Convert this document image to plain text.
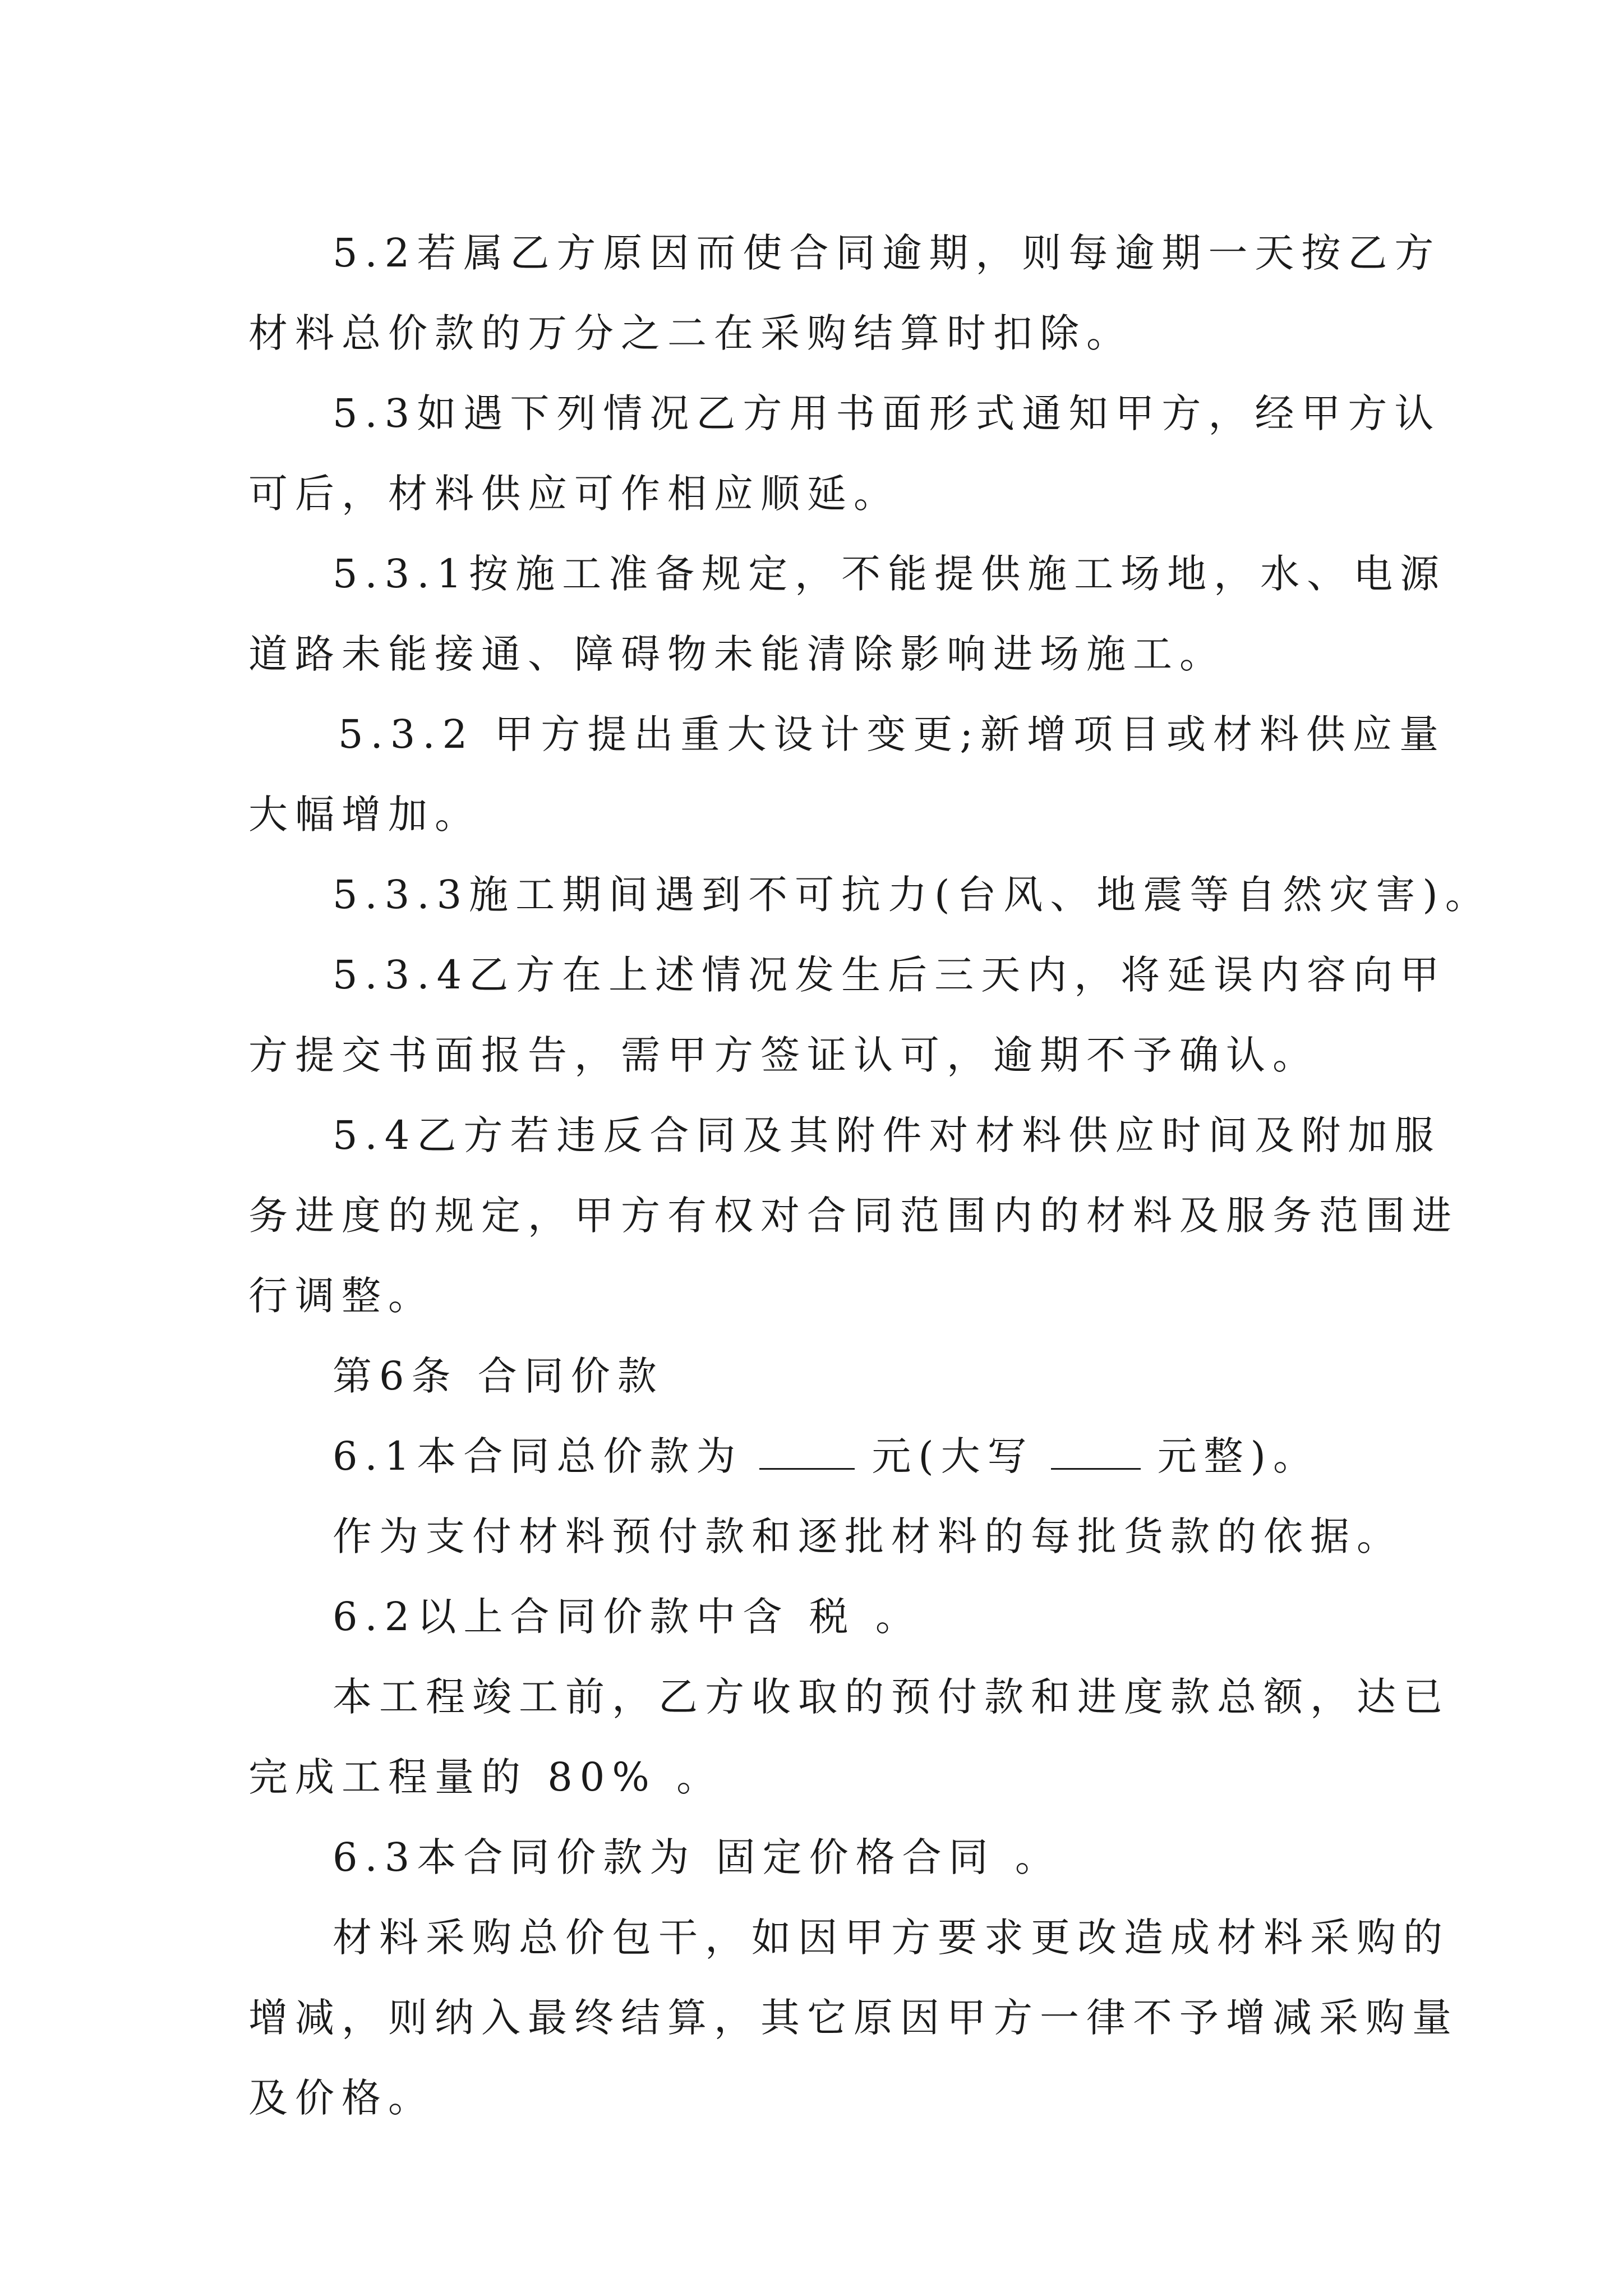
5.2若属乙方原因而使合同逾期，则每逾期一天按乙方
材料总价款的万分之二在采购结算时扣除。
5.3如遇下列情况乙方用书面形式通知甲方，经甲方认
可后，材料供应可作相应顺延。
5.3.1按施工准备规定，不能提供施工场地，水、电源
道路未能接通、障碍物未能清除影响进场施工。
5.3.2 甲方提出重大设计变更;新增项目或材料供应量
大幅增加。
5.3.3施工期间遇到不可抗力(台风、地震等自然灾害)。
5.3.4乙方在上述情况发生后三天内，将延误内容向甲
方提交书面报告，需甲方签证认可，逾期不予确认。
5.4乙方若违反合同及其附件对材料供应时间及附加服
务进度的规定，甲方有权对合同范围内的材料及服务范围进
行调整。
第6条 合同价款
6.1本合同总价款为	元(大写	元整)。
作为支付材料预付款和逐批材料的每批货款的依据。
6.2以上合同价款中含 税 。
本工程竣工前，乙方收取的预付款和进度款总额，达已
完成工程量的 80% 。
6.3本合同价款为 固定价格合同 。
材料采购总价包干，如因甲方要求更改造成材料采购的
增减，则纳入最终结算，其它原因甲方一律不予增减采购量
及价格。
